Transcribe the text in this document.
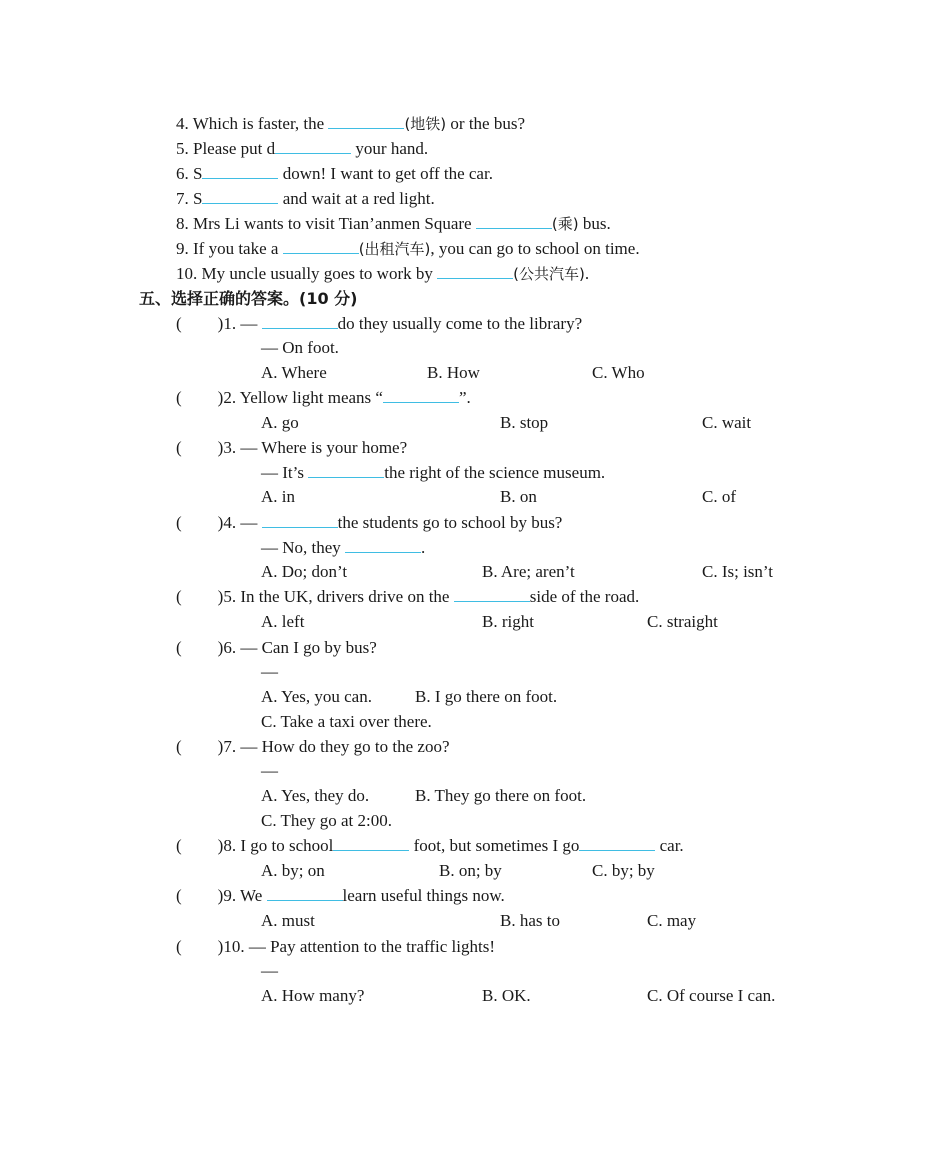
4. Which is faster, the	(地铁) or the bus?
5. Please put d	your hand.
6. S	down! I want to get off the car.
7. S	and wait at a red light.
8. Mrs Li wants to visit Tian’anmen Square	(乘) bus.
9. If you take a	(出租汽车), you can go to school on time.
10. My uncle usually goes to work by	(公共汽车).
五、选择正确的答案。(10 分)
( )1. —	do they usually come to the library?
— On foot.
A. Where	B. How	C. Who
( )2. Yellow light means “	”.
A. go	B. stop	C. wait
( )3. — Where is your home?
— It’s	the right of the science museum.
A. in	B. on	C. of
( )4. —	the students go to school by bus?
— No, they	.
A. Do; don’t	B. Are; aren’t	C. Is; isn’t
( )5. In the UK, drivers drive on the	side of the road.
A. left	B. right	C. straight
( )6. — Can I go by bus?
—
A. Yes, you can.	B. I go there on foot.
C. Take a taxi over there.
( )7. — How do they go to the zoo?
—
A. Yes, they do.	B. They go there on foot.
C. They go at 2:00.
( )8. I go to school	foot, but sometimes I go	car.
A. by; on	B. on; by	C. by; by
( )9. We	learn useful things now.
A. must	B. has to	C. may
( )10. — Pay attention to the traffic lights!
—
A. How many?	B. OK.	C. Of course I can.
